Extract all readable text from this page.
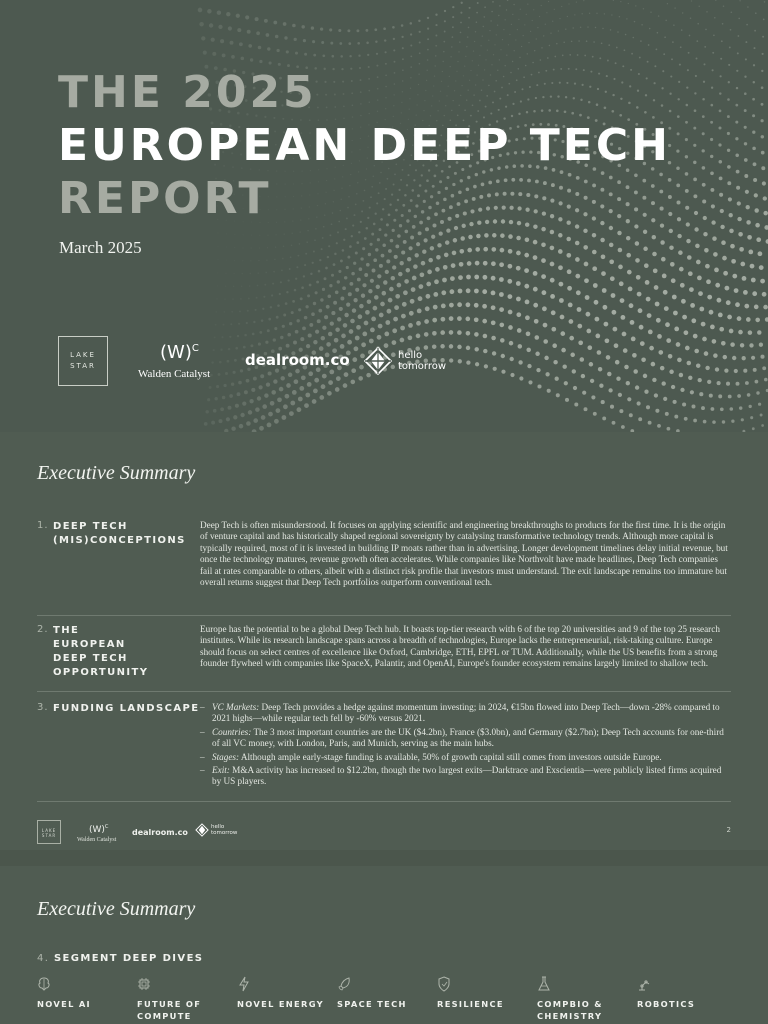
THE 2025
EUROPEAN DEEP TECH
REPORT
March 2025
LAKE
STAR
$(W)^C$
Walden Catalyst
dealroom.co	hello
tomorrow
Executive Summary
1. DEEP TECH (MIS)CONCEPTIONS
Deep Tech is often misunderstood. It focuses on applying scientific and engineering breakthroughs to products for the first time. It is the origin of venture capital and has historically shaped regional sovereignty by catalysing transformative technology trends. Although more capital is typically required, most of it is invested in building IP moats rather than in advertising. Longer development timelines delay initial revenue, but once the technology matures, revenue growth often accelerates. While companies like Northvolt have made headlines, Deep Tech companies fail at rates comparable to others, albeit with a distinct risk profile that investors must understand. The exit landscape remains too immature but overall returns suggest that Deep Tech portfolios outperform conventional tech.
2. THE EUROPEAN DEEP TECH OPPORTUNITY
Europe has the potential to be a global Deep Tech hub. It boasts top-tier research with 6 of the top 20 universities and 9 of the top 25 research institutes. While its research landscape spans across a breadth of technologies, Europe lacks the entrepreneurial, risk-taking culture. Europe should focus on select centres of excellence like Oxford, Cambridge, ETH, EPFL or TUM. Additionally, while the US benefits from a strong founder flywheel with companies like SpaceX, Palantir, and OpenAI, Europe's founder ecosystem remains largely limited to shallow tech.
3. FUNDING LANDSCAPE – VC Markets: Deep Tech provides a hedge against momentum investing; in 2024, €15bn flowed into Deep Tech—down -28% compared to 2021 highs—while regular tech fell by -60% versus 2021.
– Countries: The 3 most important countries are the UK ($4.2bn), France ($3.0bn), and Germany ($2.7bn); Deep Tech accounts for one-third of all VC money, with London, Paris, and Munich, serving as the main hubs.
– Stages: Although ample early-stage funding is available, 50% of growth capital still comes from investors outside Europe.
– Exit: M&A activity has increased to $12.2bn, though the two largest exits—Darktrace and Exscientia—were publicly listed firms acquired by US players.
LAKE
STAR
$(W)^C$
Walden Catalyst
dealroom.co
hello
tomorrow	2
Executive Summary
4. SEGMENT DEEP DIVES
NOVEL AI	FUTURE OF COMPUTE
NOVEL ENERGY	SPACE TECH	RESILIENCE	COMPBIO & CHEMISTRY
ROBOTICS
